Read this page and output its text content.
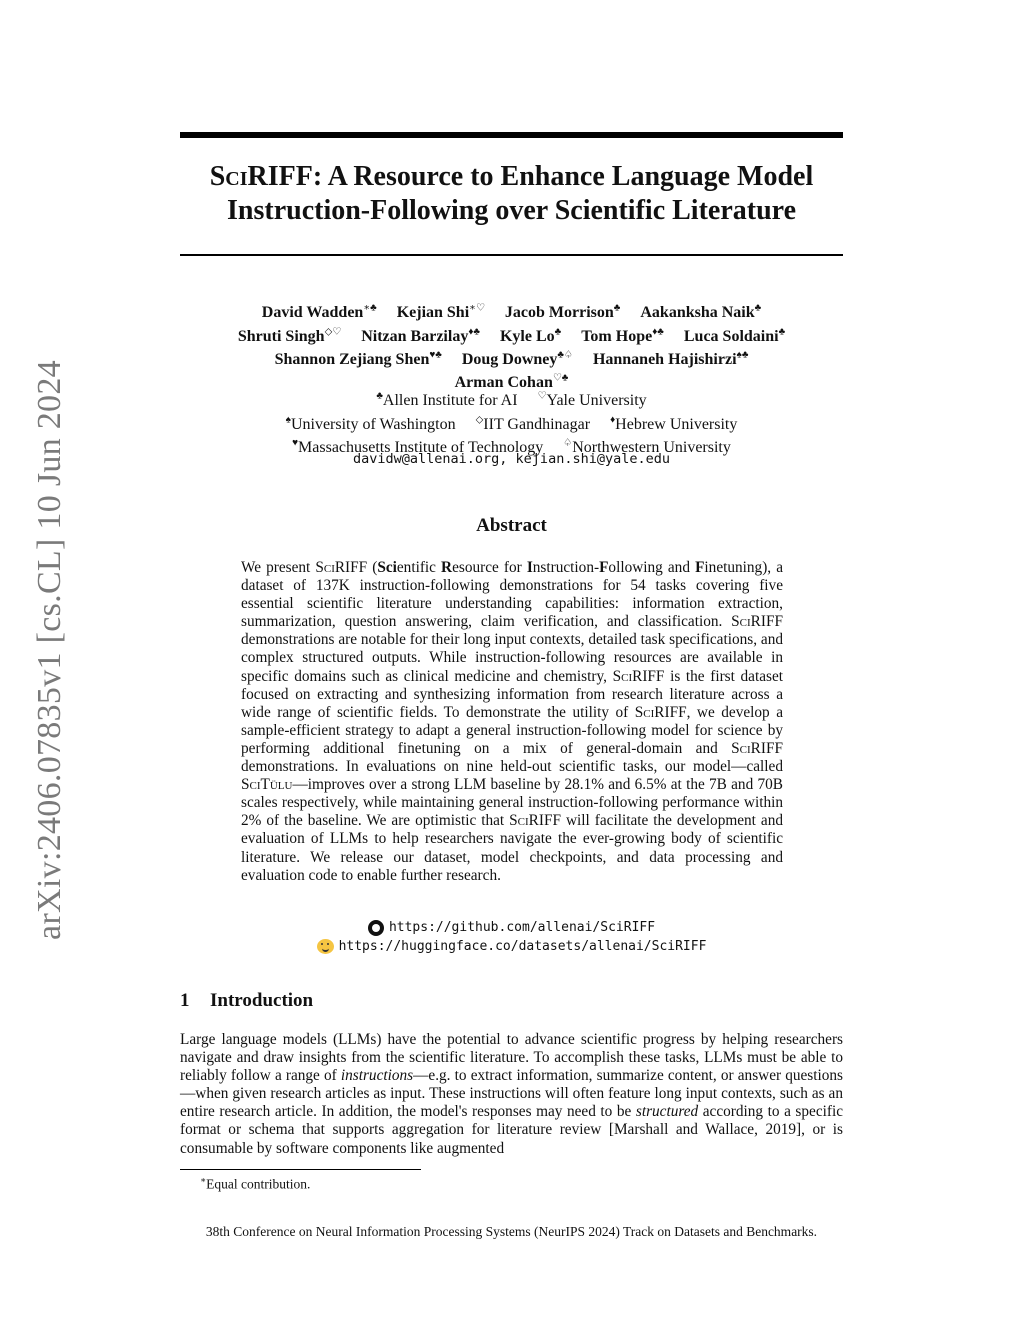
arXiv:2406.07835v1 [cs.CL] 10 Jun 2024
SciRIFF: A Resource to Enhance Language Model
Instruction-Following over Scientific Literature
David Wadden∗♣ Kejian Shi∗♡ Jacob Morrison♣ Aakanksha Naik♣
Shruti Singh◇♡ Nitzan Barzilay♦♣ Kyle Lo♣ Tom Hope♦♣ Luca Soldaini♣
Shannon Zejiang Shen♥♣ Doug Downey♣♤ Hannaneh Hajishirzi♠♣
Arman Cohan♡♣
♣Allen Institute for AI ♡Yale University
♠University of Washington ◇IIT Gandhinagar ♦Hebrew University
♥Massachusetts Institute of Technology ♤Northwestern University
davidw@allenai.org, kejian.shi@yale.edu
Abstract

We present SciRIFF (Scientific Resource for Instruction-Following and Finetuning), a dataset of 137K instruction-following demonstrations for 54 tasks covering five essential scientific literature understanding capabilities: information extraction, summarization, question answering, claim verification, and classification. SciRIFF demonstrations are notable for their long input contexts, detailed task specifications, and complex structured outputs. While instruction-following resources are available in specific domains such as clinical medicine and chemistry, SciRIFF is the first dataset focused on extracting and synthesizing information from research literature across a wide range of scientific fields. To demonstrate the utility of SciRIFF, we develop a sample-efficient strategy to adapt a general instruction-following model for science by performing additional finetuning on a mix of general-domain and SciRIFF demonstrations. In evaluations on nine held-out scientific tasks, our model—called SciTülu—improves over a strong LLM baseline by 28.1% and 6.5% at the 7B and 70B scales respectively, while maintaining general instruction-following performance within 2% of the baseline. We are optimistic that SciRIFF will facilitate the development and evaluation of LLMs to help researchers navigate the ever-growing body of scientific literature. We release our dataset, model checkpoints, and data processing and evaluation code to enable further research.

https://github.com/allenai/SciRIFF
https://huggingface.co/datasets/allenai/SciRIFF
1 Introduction

Large language models (LLMs) have the potential to advance scientific progress by helping researchers navigate and draw insights from the scientific literature. To accomplish these tasks, LLMs must be able to reliably follow a range of instructions—e.g. to extract information, summarize content, or answer questions—when given research articles as input. These instructions will often feature long input contexts, such as an entire research article. In addition, the model's responses may need to be structured according to a specific format or schema that supports aggregation for literature review [Marshall and Wallace, 2019], or is consumable by software components like augmented

∗Equal contribution.
38th Conference on Neural Information Processing Systems (NeurIPS 2024) Track on Datasets and Benchmarks.
